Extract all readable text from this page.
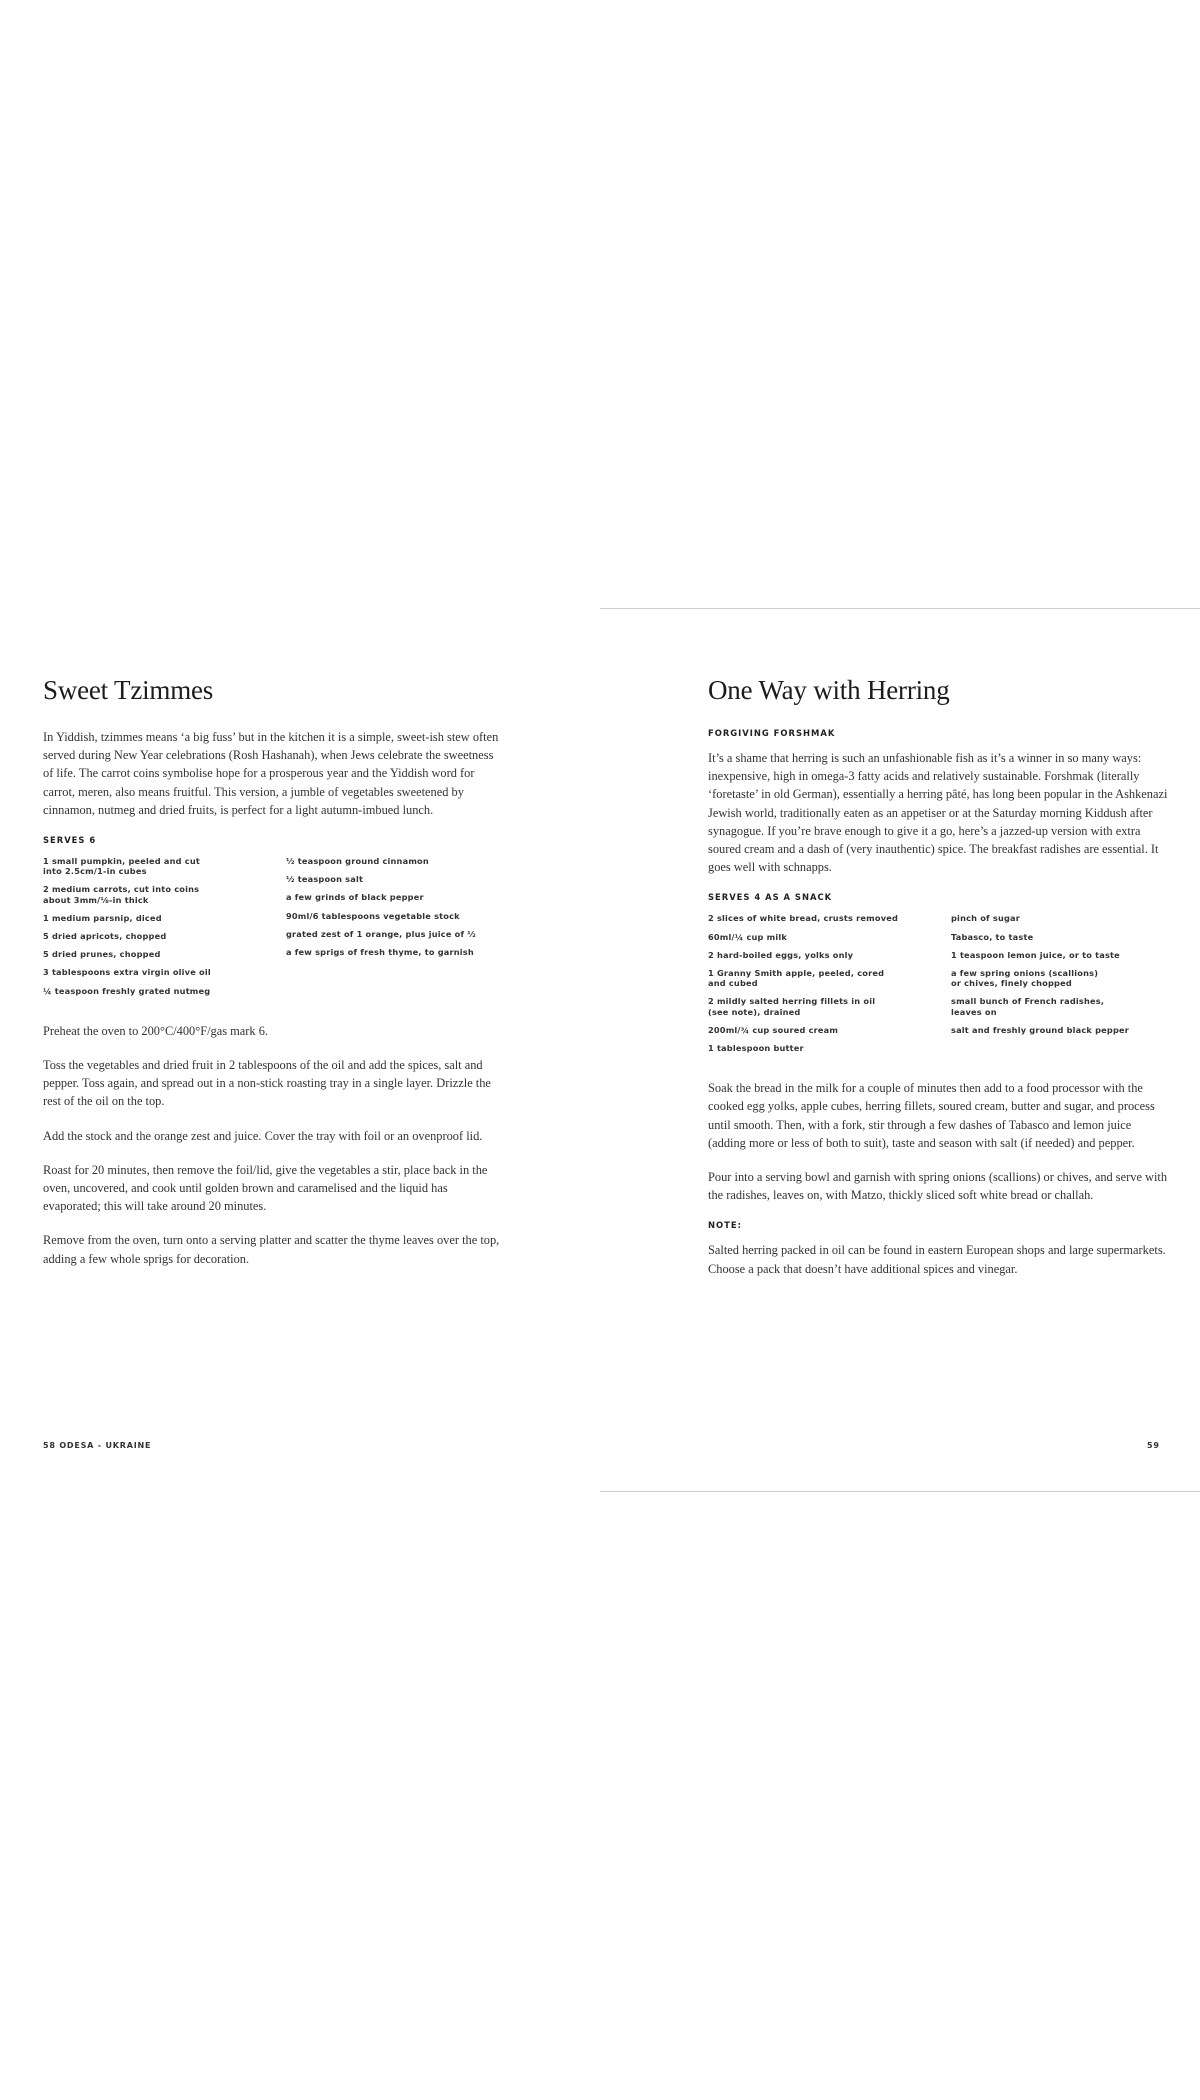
Sweet Tzimmes

In Yiddish, tzimmes means ‘a big fuss’ but in the kitchen it is a simple, sweet-ish stew often served during New Year celebrations (Rosh Hashanah), when Jews celebrate the sweetness of life. The carrot coins symbolise hope for a prosperous year and the Yiddish word for carrot, meren, also means fruitful. This version, a jumble of vegetables sweetened by cinnamon, nutmeg and dried fruits, is perfect for a light autumn-imbued lunch.

SERVES 6
1 small pumpkin, peeled and cut
into 2.5cm/1-in cubes
2 medium carrots, cut into coins
about 3mm/⅛-in thick
1 medium parsnip, diced
5 dried apricots, chopped
5 dried prunes, chopped
3 tablespoons extra virgin olive oil
¼ teaspoon freshly grated nutmeg
½ teaspoon ground cinnamon
½ teaspoon salt
a few grinds of black pepper
90ml/6 tablespoons vegetable stock
grated zest of 1 orange, plus juice of ½
a few sprigs of fresh thyme, to garnish

Preheat the oven to 200°C/400°F/gas mark 6.

Toss the vegetables and dried fruit in 2 tablespoons of the oil and add the spices, salt and pepper. Toss again, and spread out in a non-stick roasting tray in a single layer. Drizzle the rest of the oil on the top.

Add the stock and the orange zest and juice. Cover the tray with foil or an ovenproof lid.

Roast for 20 minutes, then remove the foil/lid, give the vegetables a stir, place back in the oven, uncovered, and cook until golden brown and caramelised and the liquid has evaporated; this will take around 20 minutes.

Remove from the oven, turn onto a serving platter and scatter the thyme leaves over the top, adding a few whole sprigs for decoration.

One Way with Herring
FORGIVING FORSHMAK

It’s a shame that herring is such an unfashionable fish as it’s a winner in so many ways: inexpensive, high in omega-3 fatty acids and relatively sustainable. Forshmak (literally ‘foretaste’ in old German), essentially a herring pâté, has long been popular in the Ashkenazi Jewish world, traditionally eaten as an appetiser or at the Saturday morning Kiddush after synagogue. If you’re brave enough to give it a go, here’s a jazzed-up version with extra soured cream and a dash of (very inauthentic) spice. The breakfast radishes are essential. It goes well with schnapps.

SERVES 4 AS A SNACK
2 slices of white bread, crusts removed
60ml/¼ cup milk
2 hard-boiled eggs, yolks only
1 Granny Smith apple, peeled, cored
and cubed
2 mildly salted herring fillets in oil
(see note), drained
200ml/¾ cup soured cream
1 tablespoon butter
pinch of sugar
Tabasco, to taste
1 teaspoon lemon juice, or to taste
a few spring onions (scallions)
or chives, finely chopped
small bunch of French radishes,
leaves on
salt and freshly ground black pepper

Soak the bread in the milk for a couple of minutes then add to a food processor with the cooked egg yolks, apple cubes, herring fillets, soured cream, butter and sugar, and process until smooth. Then, with a fork, stir through a few dashes of Tabasco and lemon juice (adding more or less of both to suit), taste and season with salt (if needed) and pepper.

Pour into a serving bowl and garnish with spring onions (scallions) or chives, and serve with the radishes, leaves on, with Matzo, thickly sliced soft white bread or challah.

NOTE:

Salted herring packed in oil can be found in eastern European shops and large supermarkets. Choose a pack that doesn’t have additional spices and vinegar.

58 ODESA - UKRAINE	59
